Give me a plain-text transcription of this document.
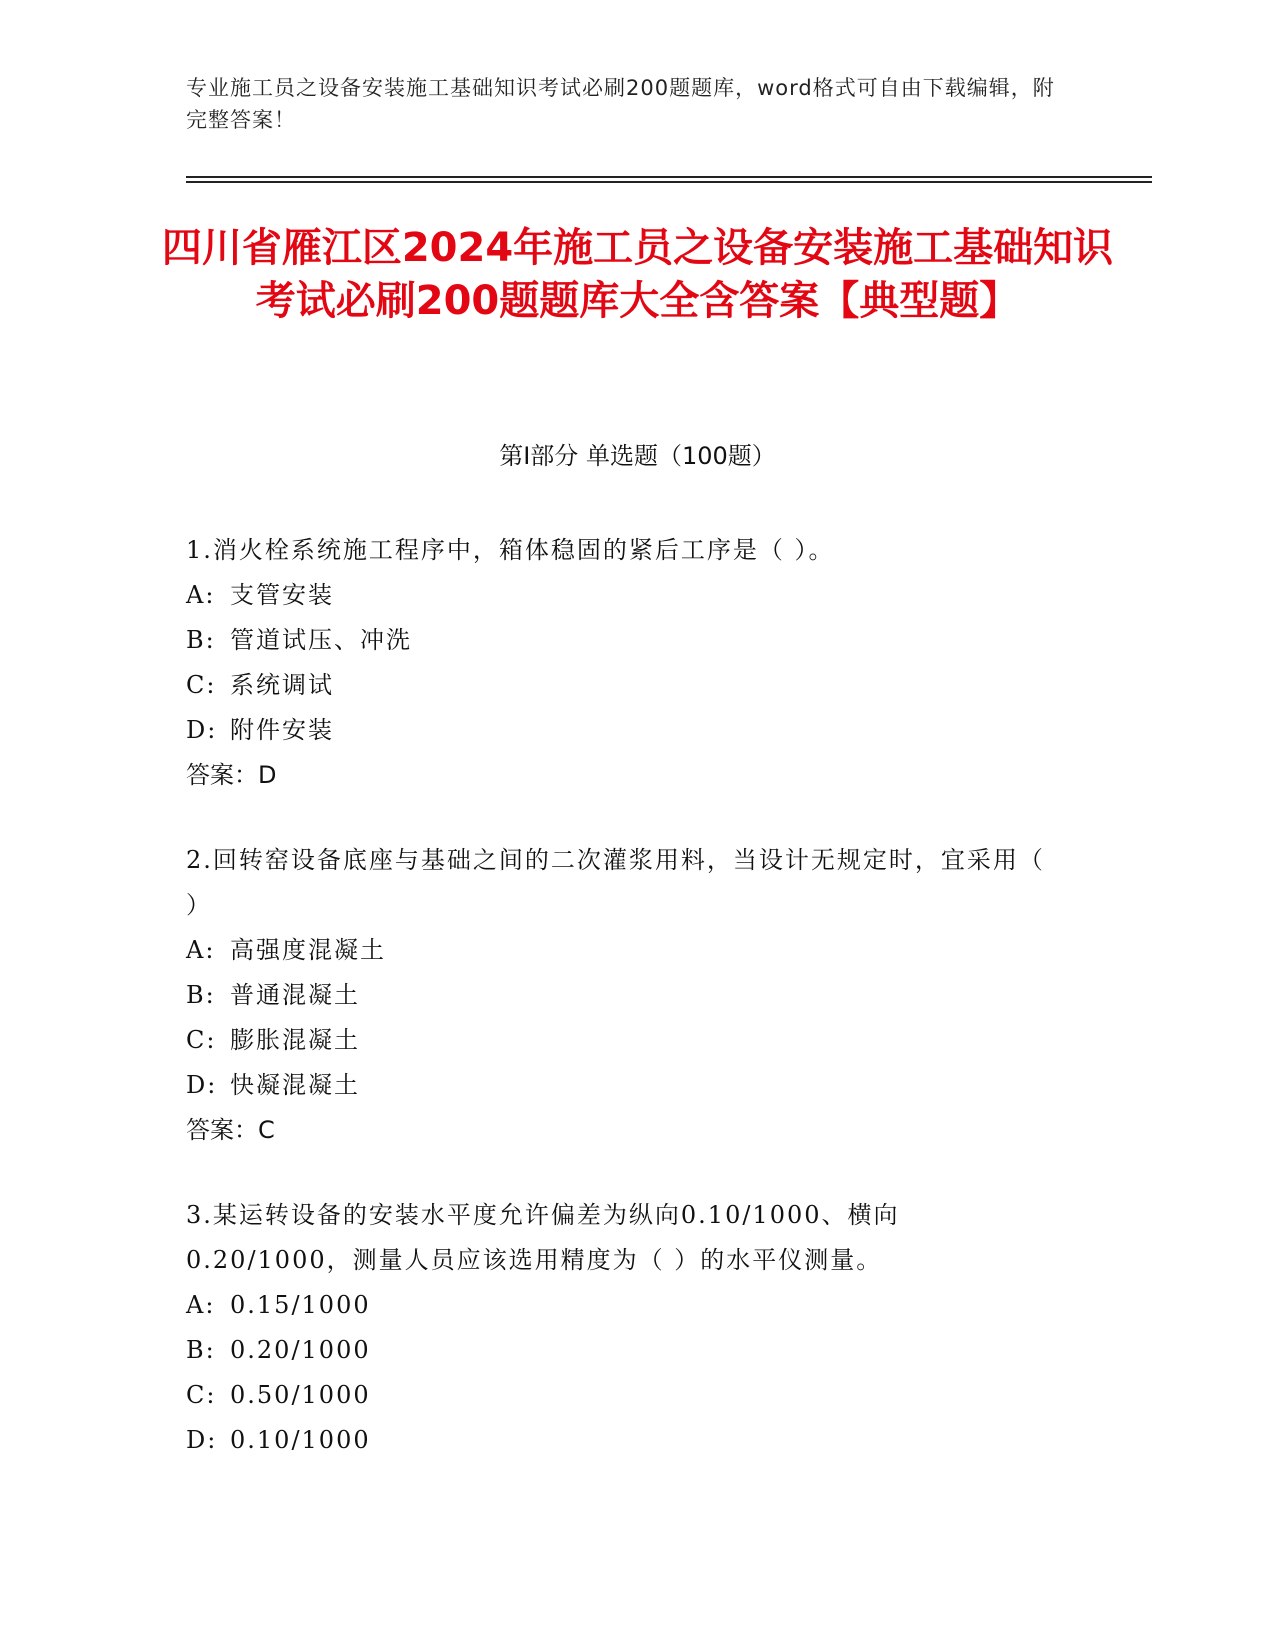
专业施工员之设备安装施工基础知识考试必刷200题题库，word格式可自由下载编辑，附完整答案！
四川省雁江区2024年施工员之设备安装施工基础知识考试必刷200题题库大全含答案【典型题】
第I部分 单选题（100题）
1.消火栓系统施工程序中，箱体稳固的紧后工序是（ ）。
A: 支管安装
B: 管道试压、冲洗
C: 系统调试
D: 附件安装
答案：D
2.回转窑设备底座与基础之间的二次灌浆用料，当设计无规定时，宜采用（ ）
A: 高强度混凝土
B: 普通混凝土
C: 膨胀混凝土
D: 快凝混凝土
答案：C
3.某运转设备的安装水平度允许偏差为纵向0.10/1000、横向0.20/1000，测量人员应该选用精度为（ ）的水平仪测量。
A: 0.15/1000
B: 0.20/1000
C: 0.50/1000
D: 0.10/1000
